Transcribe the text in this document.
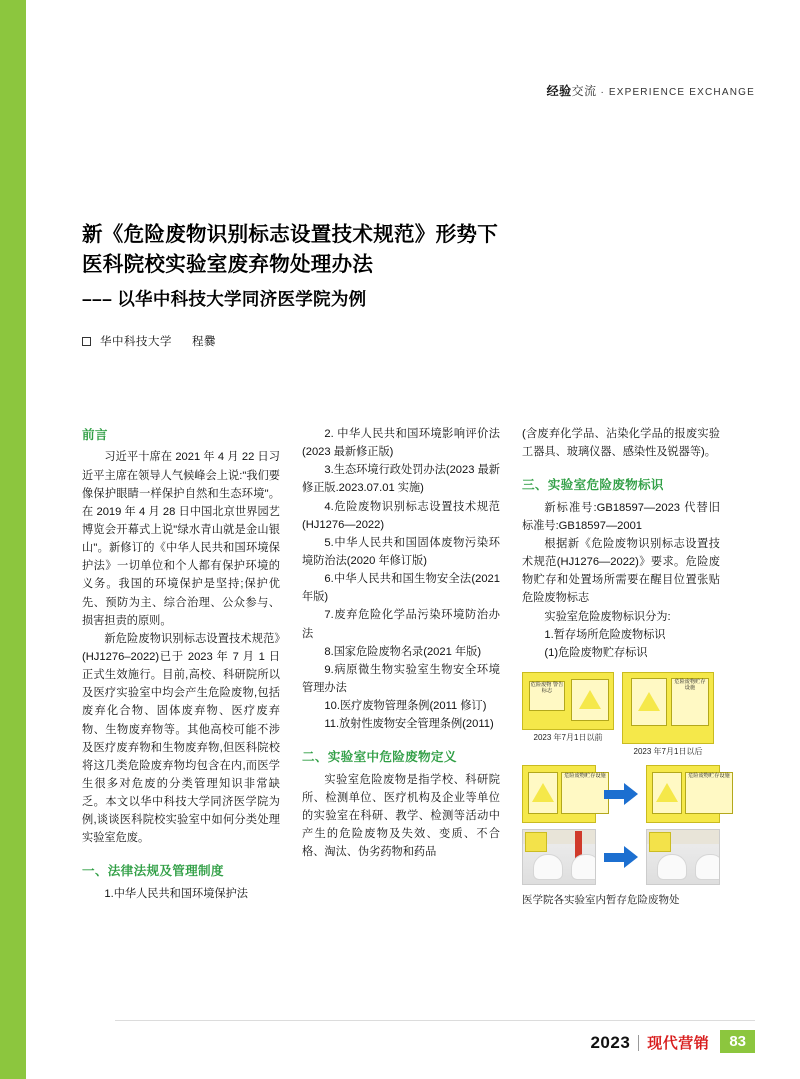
经验交流 · EXPERIENCE EXCHANGE
新《危险废物识别标志设置技术规范》形势下
医科院校实验室废弃物处理办法
––– 以华中科技大学同济医学院为例
华中科技大学 程爨
前言

习近平十席在 2021 年 4 月 22 日习近平主席在领导人气候峰会上说:"我们要像保护眼睛一样保护自然和生态环境"。在 2019 年 4 月 28 日中国北京世界园艺博览会开幕式上说"绿水青山就是金山银山"。新修订的《中华人民共和国环境保护法》一切单位和个人都有保护环境的义务。我国的环境保护是坚持;保护优先、预防为主、综合治理、公众参与、损害担责的原则。

新危险废物识别标志设置技术规范》(HJ1276–2022)已于 2023 年 7 月 1 日正式生效施行。目前,高校、科研院所以及医疗实验室中均会产生危险废物,包括废弃化合物、固体废弃物、医疗废弃物、生物废弃物等。其他高校可能不涉及医疗废弃物和生物废弃物,但医科院校将这几类危险废弃物均包含在内,而医学生很多对危废的分类管理知识非常缺乏。本文以华中科技大学同济医学院为例,谈谈医科院校实验室中如何分类处理实验室危废。

一、法律法规及管理制度

1.中华人民共和国环境保护法

2. 中华人民共和国环境影响评价法(2023 最新修正版)

3.生态环境行政处罚办法(2023 最新修正版.2023.07.01 实施)

4.危险废物识别标志设置技术规范(HJ1276—2022)

5.中华人民共和国固体废物污染环境防治法(2020 年修订版)

6.中华人民共和国生物安全法(2021 年版)

7.废弃危险化学品污染环境防治办法

8.国家危险废物名录(2021 年版)

9.病原微生物实验室生物安全环境管理办法

10.医疗废物管理条例(2011 修订)

11.放射性废物安全管理条例(2011)

二、实验室中危险废物定义

实验室危险废物是指学校、科研院所、检测单位、医疗机构及企业等单位的实验室在科研、教学、检测等活动中产生的危险废物及失效、变质、不合格、淘汰、伪劣药物和药品

(含废弃化学品、沾染化学品的报废实验工器具、玻璃仪器、感染性及锐器等)。

三、实验室危险废物标识

新标准号:GB18597—2023 代替旧标准号:GB18597—2001

根据新《危险废物识别标志设置技术规范(HJ1276—2022)》要求。危险废物贮存和处置场所需要在醒目位置张贴危险废物标志

实验室危险废物标识分为:

1.暂存场所危险废物标识

(1)危险废物贮存标识

危险废物 警告标志
2023 年7月1日以前
危险废物贮存设施
2023 年7月1日以后
危险废物贮存设施	危险废物贮存设施
医学院各实验室内暂存危险废物处
2023 现代营销	83
